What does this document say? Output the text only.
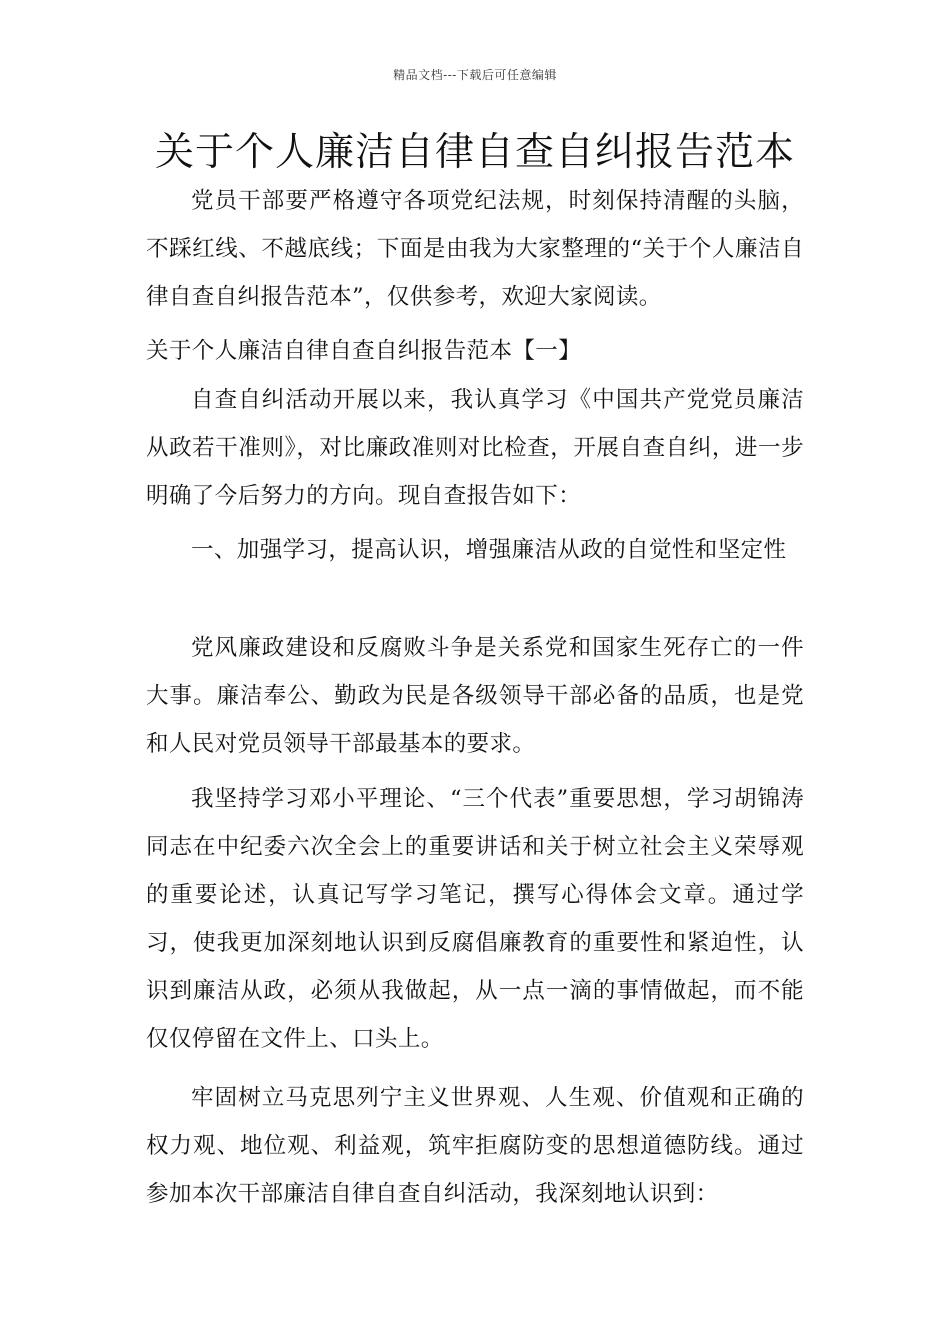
精品文档---下载后可任意编辑
关于个人廉洁自律自查自纠报告范本

党员干部要严格遵守各项党纪法规，时刻保持清醒的头脑，不踩红线、不越底线；下面是由我为大家整理的“关于个人廉洁自律自查自纠报告范本”，仅供参考，欢迎大家阅读。

关于个人廉洁自律自查自纠报告范本【一】

自查自纠活动开展以来，我认真学习《中国共产党党员廉洁从政若干准则》，对比廉政准则对比检查，开展自查自纠，进一步明确了今后努力的方向。现自查报告如下：

一、加强学习，提高认识，增强廉洁从政的自觉性和坚定性

党风廉政建设和反腐败斗争是关系党和国家生死存亡的一件大事。廉洁奉公、勤政为民是各级领导干部必备的品质，也是党和人民对党员领导干部最基本的要求。

我坚持学习邓小平理论、“三个代表”重要思想，学习胡锦涛同志在中纪委六次全会上的重要讲话和关于树立社会主义荣辱观的重要论述，认真记写学习笔记，撰写心得体会文章。通过学习，使我更加深刻地认识到反腐倡廉教育的重要性和紧迫性，认识到廉洁从政，必须从我做起，从一点一滴的事情做起，而不能仅仅停留在文件上、口头上。

牢固树立马克思列宁主义世界观、人生观、价值观和正确的权力观、地位观、利益观，筑牢拒腐防变的思想道德防线。通过参加本次干部廉洁自律自查自纠活动，我深刻地认识到：
